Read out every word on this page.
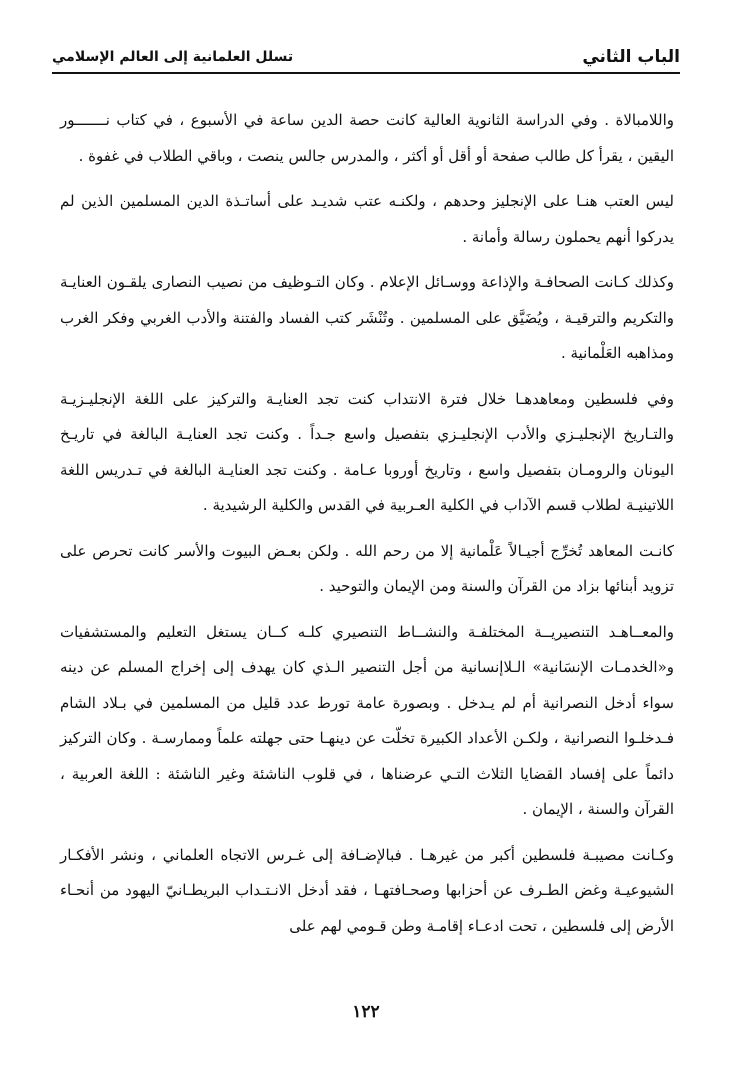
الباب الثاني
تسلل العلمانية إلى العالم الإسلامي

واللامبالاة . وفي الدراسة الثانوية العالية كانت حصة الدين ساعة في الأسبوع ، في كتاب نـــــــور اليقين ، يقرأ كل طالب صفحة أو أقل أو أكثر ، والمدرس جالس ينصت ، وباقي الطلاب في غفوة .

ليس العتب هنـا على الإنجليز وحدهم ، ولكنـه عتب شديـد على أساتـذة الدين المسلمين الذين لم يدركوا أنهم يحملون رسالة وأمانة .

وكذلك كـانت الصحافـة والإذاعة ووسـائل الإعلام . وكان التـوظيف من نصيب النصارى يلقـون العنايـة والتكريم والترقيـة ، ويُضَيَّق على المسلمين . وتُنْشَر كتب الفساد والفتنة والأدب الغربي وفكر الغرب ومذاهبه العَلْمانية .

وفي فلسطين ومعاهدهـا خلال فترة الانتداب كنت تجد العنايـة والتركيز على اللغة الإنجليـزيـة والتـاريخ الإنجليـزي والأدب الإنجليـزي بتفصيل واسع جـداً . وكنت تجد العنايـة البالغة في تاريـخ اليونان والرومـان بتفصيل واسع ، وتاريخ أوروبا عـامة . وكنت تجد العنايـة البالغة في تـدريس اللغة اللاتينيـة لطلاب قسم الآداب في الكلية العـربية في القدس والكلية الرشيدية .

كانـت المعاهد تُخرِّج أجيـالاً عَلْمانية إلا من رحم الله . ولكن بعـض البيوت والأسر كانت تحرص على تزويد أبنائها بزاد من القرآن والسنة ومن الإيمان والتوحيد .

والمعــاهـد التنصيريــة المختلفـة والنشــاط التنصيري كلـه كــان يستغل التعليم والمستشفيات و«الخدمـات الإنسَانية» الـلاإنسانية من أجل التنصير الـذي كان يهدف إلى إخراج المسلم عن دينه سواء أدخل النصرانية أم لم يـدخل . وبصورة عامة تورط عدد قليل من المسلمين في بـلاد الشام فـدخلـوا النصرانية ، ولكـن الأعداد الكبيرة تخلّت عن دينهـا حتى جهلته علماً وممارسـة . وكان التركيز دائماً على إفساد القضايا الثلاث التـي عرضناها ، في قلوب الناشئة وغير الناشئة : اللغة العربية ، القرآن والسنة ، الإيمان .

وكـانت مصيبـة فلسطين أكبر من غيرهـا . فبالإضـافة إلى غـرس الاتجاه العلماني ، ونشر الأفكـار الشيوعيـة وغض الطـرف عن أحزابها وصحـافتهـا ، فقد أدخل الانـتـداب البريطـانيّ اليهود من أنحـاء الأرض إلى فلسطين ، تحت ادعـاء إقامـة وطن قـومي لهم على

١٢٢
